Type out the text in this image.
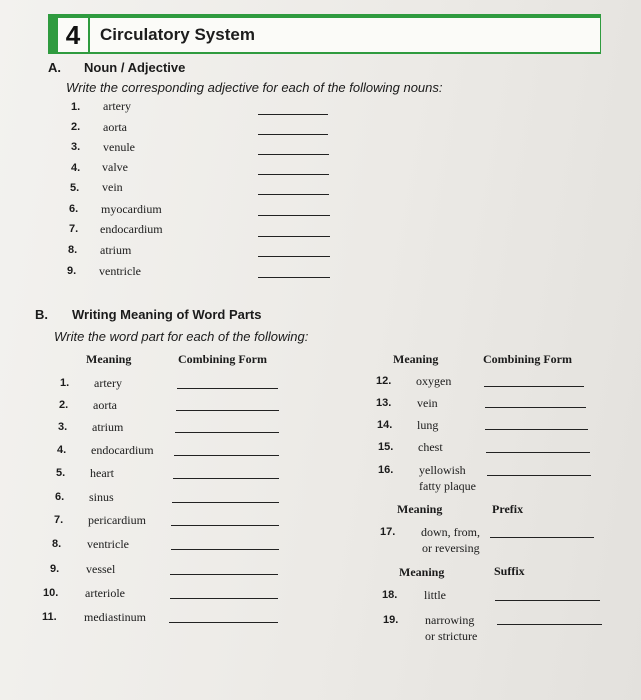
4	Circulatory System
A. Noun / Adjective
Write the corresponding adjective for each of the following nouns:
1. artery
2. aorta
3. venule
4. valve
5. vein
6. myocardium
7. endocardium
8. atrium
9. ventricle
B. Writing Meaning of Word Parts
Write the word part for each of the following:
Meaning	Combining Form
1. artery
2. aorta
3. atrium
4. endocardium
5. heart
6. sinus
7. pericardium
8. ventricle
9. vessel
10. arteriole
11. mediastinum
Meaning	Combining Form
12. oxygen
13. vein
14. lung
15. chest
16. yellowish
fatty plaque
Meaning	Prefix
17. down, from,
or reversing
Meaning	Suffix
18. little
19. narrowing
or stricture
